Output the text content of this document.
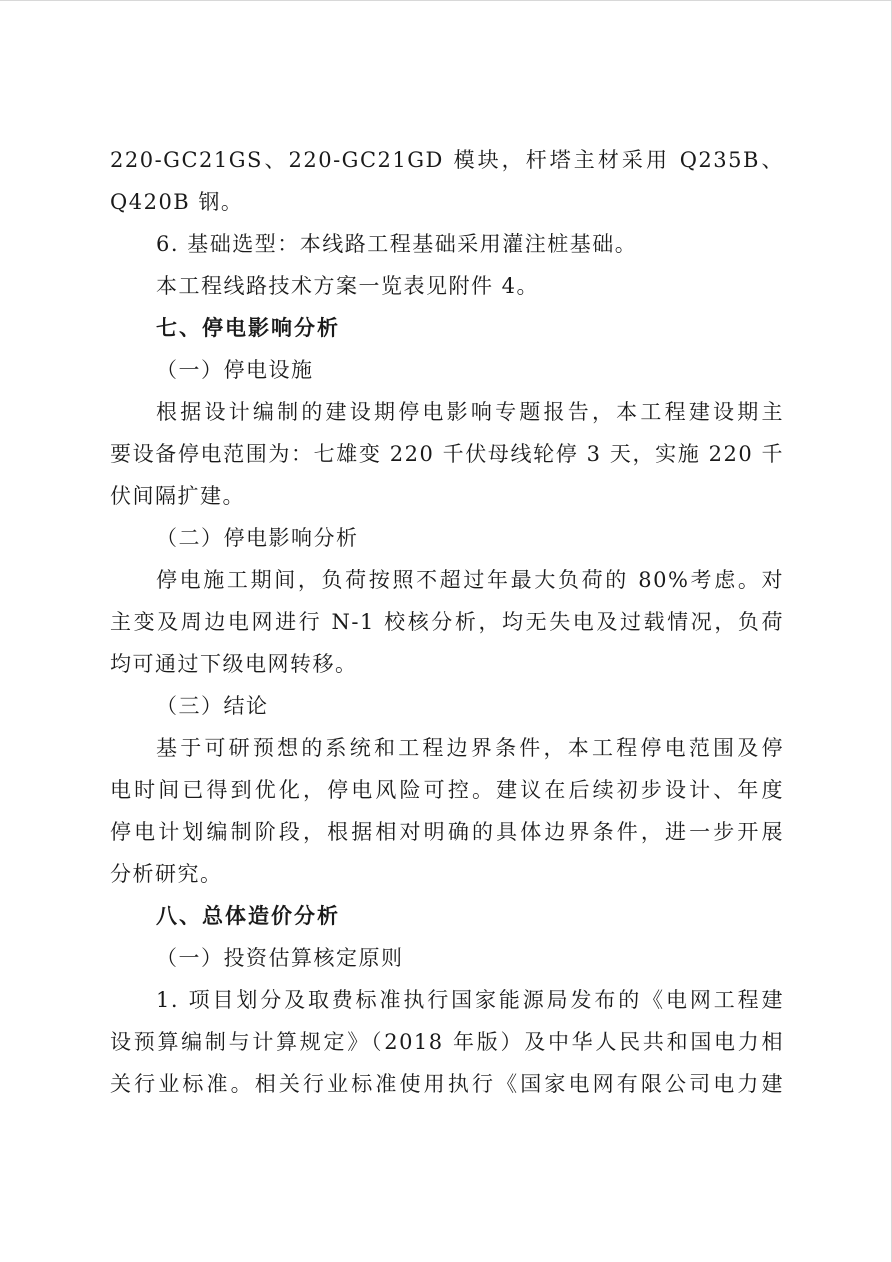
220-GC21GS、220-GC21GD 模块，杆塔主材采用 Q235B、
Q420B 钢。
6. 基础选型：本线路工程基础采用灌注桩基础。
本工程线路技术方案一览表见附件 4。
七、停电影响分析
（一）停电设施
根据设计编制的建设期停电影响专题报告，本工程建设期主
要设备停电范围为：七雄变 220 千伏母线轮停 3 天，实施 220 千
伏间隔扩建。
（二）停电影响分析
停电施工期间，负荷按照不超过年最大负荷的 80%考虑。对
主变及周边电网进行 N-1 校核分析，均无失电及过载情况，负荷
均可通过下级电网转移。
（三）结论
基于可研预想的系统和工程边界条件，本工程停电范围及停
电时间已得到优化，停电风险可控。建议在后续初步设计、年度
停电计划编制阶段，根据相对明确的具体边界条件，进一步开展
分析研究。
八、总体造价分析
（一）投资估算核定原则
1. 项目划分及取费标准执行国家能源局发布的《电网工程建
设预算编制与计算规定》（2018 年版）及中华人民共和国电力相
关行业标准。相关行业标准使用执行《国家电网有限公司电力建
